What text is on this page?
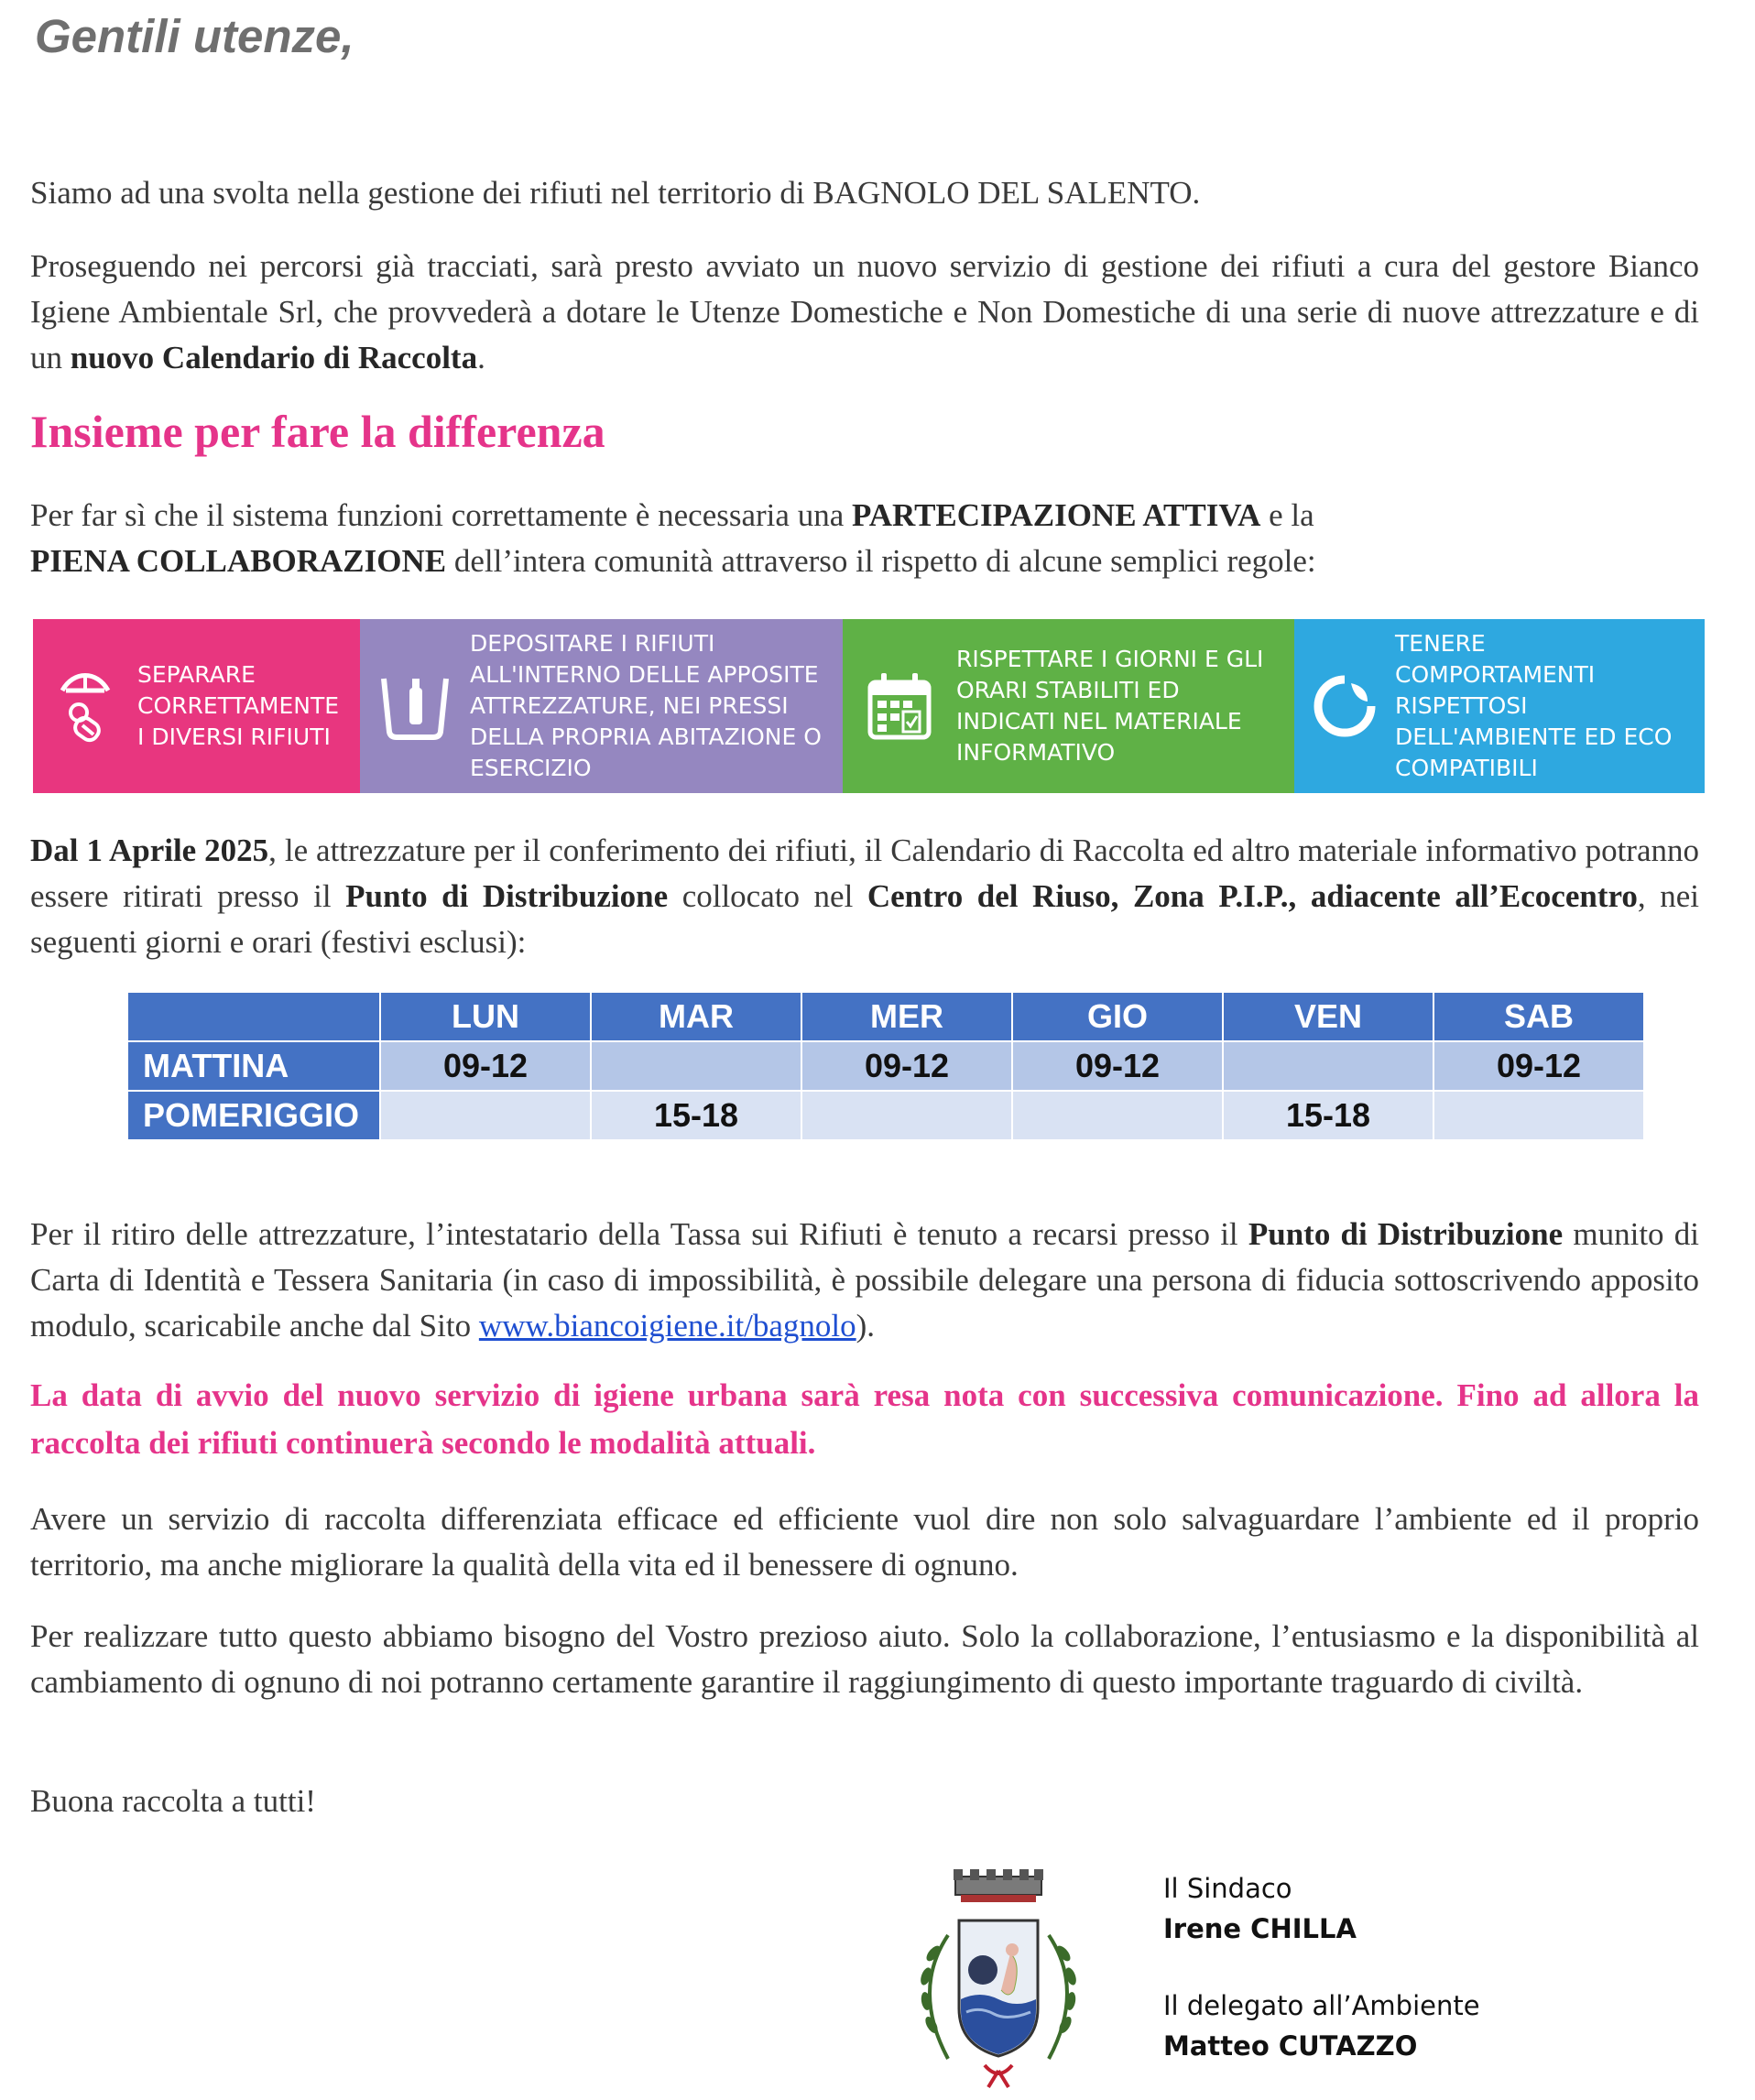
Gentili utenze,

Siamo ad una svolta nella gestione dei rifiuti nel territorio di BAGNOLO DEL SALENTO.

Proseguendo nei percorsi già tracciati, sarà presto avviato un nuovo servizio di gestione dei rifiuti a cura del gestore Bianco Igiene Ambientale Srl, che provvederà a dotare le Utenze Domestiche e Non Domestiche di una serie di nuove attrezzature e di un nuovo Calendario di Raccolta.

Insieme per fare la differenza

Per far sì che il sistema funzioni correttamente è necessaria una PARTECIPAZIONE ATTIVA e la
PIENA COLLABORAZIONE dell’intera comunità attraverso il rispetto di alcune semplici regole:

SEPARARE CORRETTAMENTE I DIVERSI RIFIUTI
DEPOSITARE I RIFIUTI ALL'INTERNO DELLE APPOSITE ATTREZZATURE, NEI PRESSI DELLA PROPRIA ABITAZIONE O ESERCIZIO
RISPETTARE I GIORNI E GLI ORARI STABILITI ED INDICATI NEL MATERIALE INFORMATIVO
TENERE COMPORTAMENTI RISPETTOSI DELL'AMBIENTE ED ECO COMPATIBILI

Dal 1 Aprile 2025, le attrezzature per il conferimento dei rifiuti, il Calendario di Raccolta ed altro materiale informativo potranno essere ritirati presso il Punto di Distribuzione collocato nel Centro del Riuso, Zona P.I.P., adiacente all’Ecocentro, nei seguenti giorni e orari (festivi esclusi):

	LUN	MAR	MER	GIO	VEN	SAB
MATTINA	09-12		09-12	09-12		09-12
POMERIGGIO		15-18			15-18	

Per il ritiro delle attrezzature, l’intestatario della Tassa sui Rifiuti è tenuto a recarsi presso il Punto di Distribuzione munito di Carta di Identità e Tessera Sanitaria (in caso di impossibilità, è possibile delegare una persona di fiducia sottoscrivendo apposito modulo, scaricabile anche dal Sito www.biancoigiene.it/bagnolo).

La data di avvio del nuovo servizio di igiene urbana sarà resa nota con successiva comunicazione. Fino ad allora la raccolta dei rifiuti continuerà secondo le modalità attuali.

Avere un servizio di raccolta differenziata efficace ed efficiente vuol dire non solo salvaguardare l’ambiente ed il proprio territorio, ma anche migliorare la qualità della vita ed il benessere di ognuno.

Per realizzare tutto questo abbiamo bisogno del Vostro prezioso aiuto. Solo la collaborazione, l’entusiasmo e la disponibilità al cambiamento di ognuno di noi potranno certamente garantire il raggiungimento di questo importante traguardo di civiltà.

Buona raccolta a tutti!

Il Sindaco
Irene CHILLA
Il delegato all’Ambiente
Matteo CUTAZZO
